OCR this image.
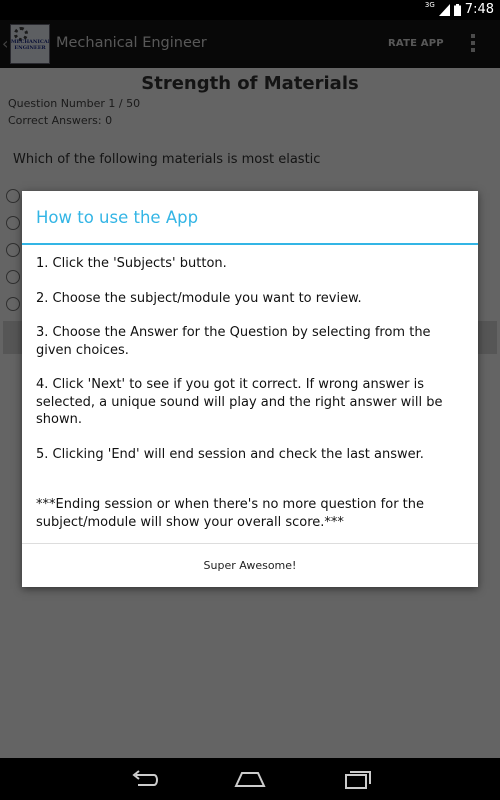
3G 7:48
How to use the App

1. Click the 'Subjects' button.

2. Choose the subject/module you want to review.

3. Choose the Answer for the Question by selecting from the given choices.

4. Click 'Next' to see if you got it correct. If wrong answer is selected, a unique sound will play and the right answer will be shown.

5. Clicking 'End' will end session and check the last answer.

***Ending session or when there's no more question for the subject/module will show your overall score.***

Super Awesome!
